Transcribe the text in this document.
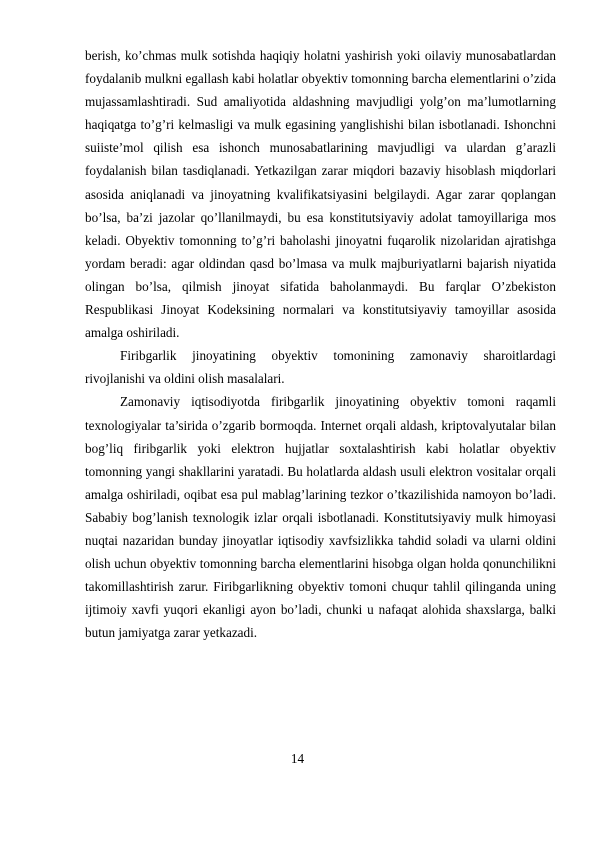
berish, ko’chmas mulk sotishda haqiqiy holatni yashirish yoki oilaviy munosabatlardan foydalanib mulkni egallash kabi holatlar obyektiv tomonning barcha elementlarini o’zida mujassamlashtiradi. Sud amaliyotida aldashning mavjudligi yolg’on ma’lumotlarning haqiqatga to’g’ri kelmasligi va mulk egasining yanglishishi bilan isbotlanadi. Ishonchni suiiste’mol qilish esa ishonch munosabatlarining mavjudligi va ulardan g’arazli foydalanish bilan tasdiqlanadi. Yetkazilgan zarar miqdori bazaviy hisoblash miqdorlari asosida aniqlanadi va jinoyatning kvalifikatsiyasini belgilaydi. Agar zarar qoplangan bo’lsa, ba’zi jazolar qo’llanilmaydi, bu esa konstitutsiyaviy adolat tamoyillariga mos keladi. Obyektiv tomonning to’g’ri baholashi jinoyatni fuqarolik nizolaridan ajratishga yordam beradi: agar oldindan qasd bo’lmasa va mulk majburiyatlarni bajarish niyatida olingan bo’lsa, qilmish jinoyat sifatida baholanmaydi. Bu farqlar O’zbekiston Respublikasi Jinoyat Kodeksining normalari va konstitutsiyaviy tamoyillar asosida amalga oshiriladi.

Firibgarlik jinoyatining obyektiv tomonining zamonaviy sharoitlardagi rivojlanishi va oldini olish masalalari.

Zamonaviy iqtisodiyotda firibgarlik jinoyatining obyektiv tomoni raqamli texnologiyalar ta’sirida o’zgarib bormoqda. Internet orqali aldash, kriptovalyutalar bilan bog’liq firibgarlik yoki elektron hujjatlar soxtalashtirish kabi holatlar obyektiv tomonning yangi shakllarini yaratadi. Bu holatlarda aldash usuli elektron vositalar orqali amalga oshiriladi, oqibat esa pul mablag’larining tezkor o’tkazilishida namoyon bo’ladi. Sababiy bog’lanish texnologik izlar orqali isbotlanadi. Konstitutsiyaviy mulk himoyasi nuqtai nazaridan bunday jinoyatlar iqtisodiy xavfsizlikka tahdid soladi va ularni oldini olish uchun obyektiv tomonning barcha elementlarini hisobga olgan holda qonunchilikni takomillashtirish zarur. Firibgarlikning obyektiv tomoni chuqur tahlil qilinganda uning ijtimoiy xavfi yuqori ekanligi ayon bo’ladi, chunki u nafaqat alohida shaxslarga, balki butun jamiyatga zarar yetkazadi.

14
